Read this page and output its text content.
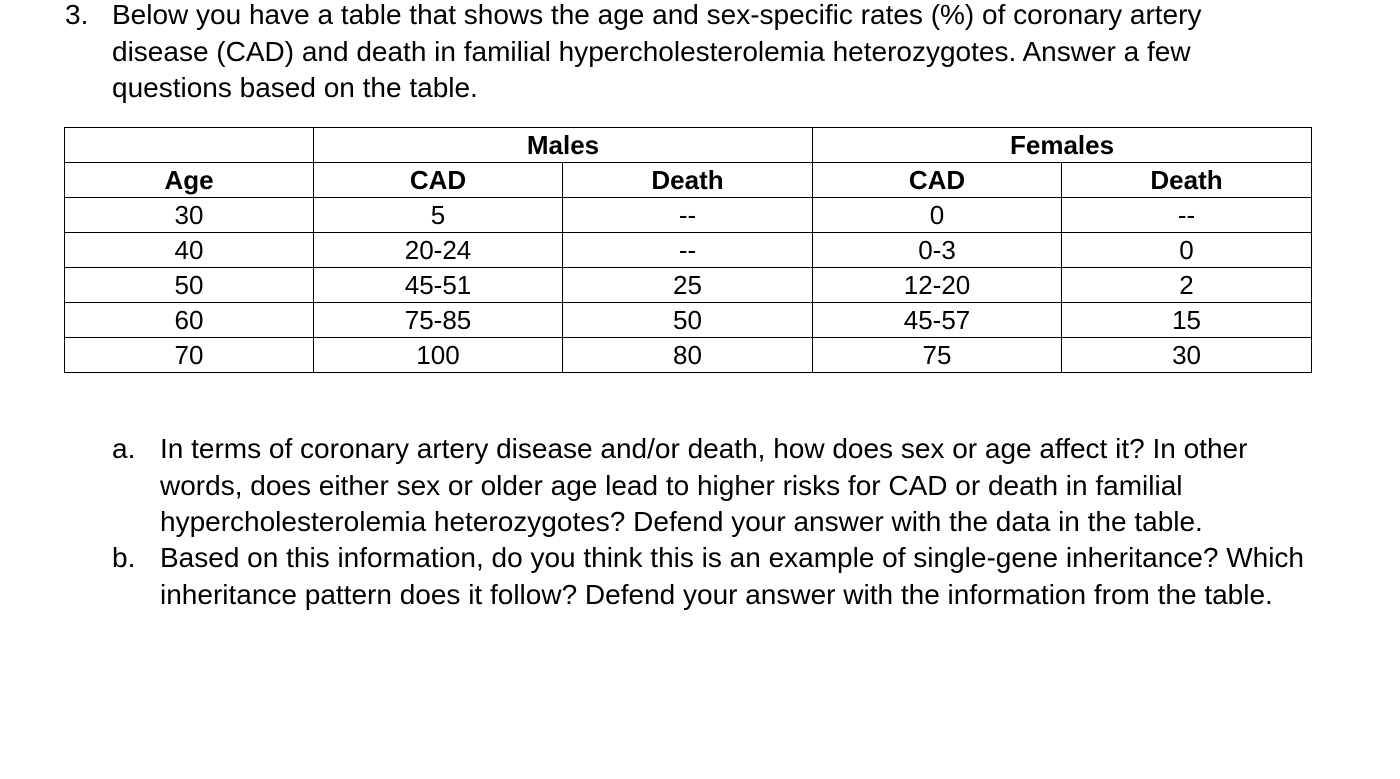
3. Below you have a table that shows the age and sex-specific rates (%) of coronary artery disease (CAD) and death in familial hypercholesterolemia heterozygotes. Answer a few questions based on the table.
	Males		Females	
Age	CAD	Death	CAD	Death
30	5	--	0	--
40	20-24	--	0-3	0
50	45-51	25	12-20	2
60	75-85	50	45-57	15
70	100	80	75	30
a. In terms of coronary artery disease and/or death, how does sex or age affect it? In other words, does either sex or older age lead to higher risks for CAD or death in familial hypercholesterolemia heterozygotes? Defend your answer with the data in the table.
b. Based on this information, do you think this is an example of single-gene inheritance? Which inheritance pattern does it follow? Defend your answer with the information from the table.
